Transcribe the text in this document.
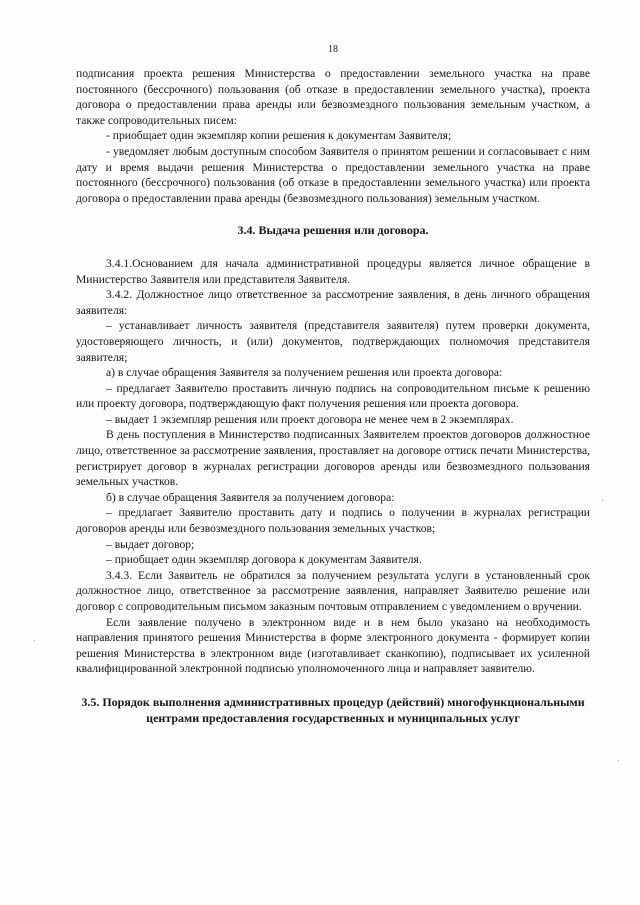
18

подписания проекта решения Министерства о предоставлении земельного участка на праве постоянного (бессрочного) пользования (об отказе в предоставлении земельного участка), проекта договора о предоставлении права аренды или безвозмездного пользования земельным участком, а также сопроводительных писем:

- приобщает один экземпляр копии решения к документам Заявителя;

- уведомляет любым доступным способом Заявителя о принятом решении и согласовывает с ним дату и время выдачи решения Министерства о предоставлении земельного участка на праве постоянного (бессрочного) пользования (об отказе в предоставлении земельного участка) или проекта договора о предоставлении права аренды (безвозмездного пользования) земельным участком.

3.4. Выдача решения или договора.

3.4.1.Основанием для начала административной процедуры является личное обращение в Министерство Заявителя или представителя Заявителя.

3.4.2. Должностное лицо ответственное за рассмотрение заявления, в день личного обращения заявителя:

– устанавливает личность заявителя (представителя заявителя) путем проверки документа, удостоверяющего личность, и (или) документов, подтверждающих полномочия представителя заявителя;

а) в случае обращения Заявителя за получением решения или проекта договора:

– предлагает Заявителю проставить личную подпись на сопроводительном письме к решению или проекту договора, подтверждающую факт получения решения или проекта договора.

– выдает 1 экземпляр решения или проект договора не менее чем в 2 экземплярах.

В день поступления в Министерство подписанных Заявителем проектов договоров должностное лицо, ответственное за рассмотрение заявления, проставляет на договоре оттиск печати Министерства, регистрирует договор в журналах регистрации договоров аренды или безвозмездного пользования земельных участков.

б) в случае обращения Заявителя за получением договора:

– предлагает Заявителю проставить дату и подпись о получении в журналах регистрации договоров аренды или безвозмездного пользования земельных участков;

– выдает договор;

– приобщает один экземпляр договора к документам Заявителя.

3.4.3. Если Заявитель не обратился за получением результата услуги в установленный срок должностное лицо, ответственное за рассмотрение заявления, направляет Заявителю решение или договор с сопроводительным письмом заказным почтовым отправлением с уведомлением о вручении.

Если заявление получено в электронном виде и в нем было указано на необходимость направления принятого решения Министерства в форме электронного документа - формирует копии решения Министерства в электронном виде (изготавливает сканкопию), подписывает их усиленной квалифицированной электронной подписью уполномоченного лица и направляет заявителю.

3.5. Порядок выполнения административных процедур (действий) многофункциональными центрами предоставления государственных и муниципальных услуг
